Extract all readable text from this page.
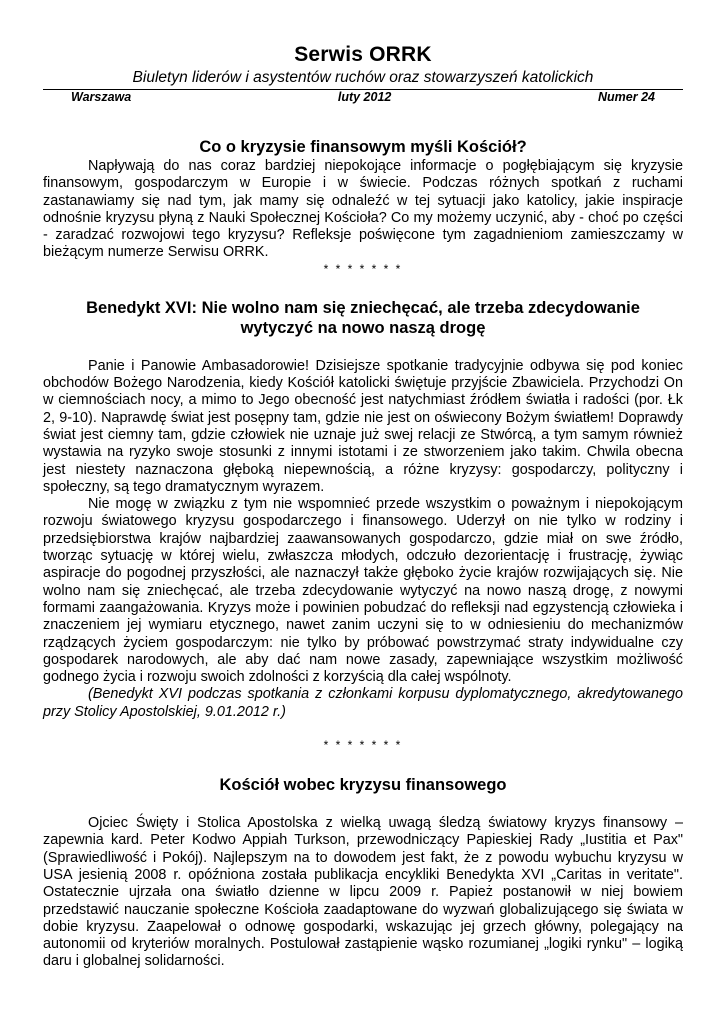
Serwis ORRK
Biuletyn liderów i asystentów ruchów oraz stowarzyszeń katolickich
Warszawa	luty 2012	Numer 24
Co o kryzysie finansowym myśli Kościół?

Napływają do nas coraz bardziej niepokojące informacje o pogłębiającym się kryzysie finansowym, gospodarczym w Europie i w świecie. Podczas różnych spotkań z ruchami zastanawiamy się nad tym, jak mamy się odnaleźć w tej sytuacji jako katolicy, jakie inspiracje odnośnie kryzysu płyną z Nauki Społecznej Kościoła? Co my możemy uczynić, aby - choć po części - zaradzać rozwojowi tego kryzysu? Refleksje poświęcone tym zagadnieniom zamieszczamy w bieżącym numerze Serwisu ORRK.

* * * * * * *
Benedykt XVI: Nie wolno nam się zniechęcać, ale trzeba zdecydowanie wytyczyć na nowo naszą drogę

Panie i Panowie Ambasadorowie! Dzisiejsze spotkanie tradycyjnie odbywa się pod koniec obchodów Bożego Narodzenia, kiedy Kościół katolicki świętuje przyjście Zbawiciela. Przychodzi On w ciemnościach nocy, a mimo to Jego obecność jest natychmiast źródłem światła i radości (por. Łk 2, 9-10). Naprawdę świat jest posępny tam, gdzie nie jest on oświecony Bożym światłem! Doprawdy świat jest ciemny tam, gdzie człowiek nie uznaje już swej relacji ze Stwórcą, a tym samym również wystawia na ryzyko swoje stosunki z innymi istotami i ze stworzeniem jako takim. Chwila obecna jest niestety naznaczona głęboką niepewnością, a różne kryzysy: gospodarczy, polityczny i społeczny, są tego dramatycznym wyrazem.

Nie mogę w związku z tym nie wspomnieć przede wszystkim o poważnym i niepokojącym rozwoju światowego kryzysu gospodarczego i finansowego. Uderzył on nie tylko w rodziny i przedsiębiorstwa krajów najbardziej zaawansowanych gospodarczo, gdzie miał on swe źródło, tworząc sytuację w której wielu, zwłaszcza młodych, odczuło dezorientację i frustrację, żywiąc aspiracje do pogodnej przyszłości, ale naznaczył także głęboko życie krajów rozwijających się. Nie wolno nam się zniechęcać, ale trzeba zdecydowanie wytyczyć na nowo naszą drogę, z nowymi formami zaangażowania. Kryzys może i powinien pobudzać do refleksji nad egzystencją człowieka i znaczeniem jej wymiaru etycznego, nawet zanim uczyni się to w odniesieniu do mechanizmów rządzących życiem gospodarczym: nie tylko by próbować powstrzymać straty indywidualne czy gospodarek narodowych, ale aby dać nam nowe zasady, zapewniające wszystkim możliwość godnego życia i rozwoju swoich zdolności z korzyścią dla całej wspólnoty.

(Benedykt XVI podczas spotkania z członkami korpusu dyplomatycznego, akredytowanego przy Stolicy Apostolskiej, 9.01.2012 r.)

* * * * * * *
Kościół wobec kryzysu finansowego

Ojciec Święty i Stolica Apostolska z wielką uwagą śledzą światowy kryzys finansowy – zapewnia kard. Peter Kodwo Appiah Turkson, przewodniczący Papieskiej Rady „Iustitia et Pax" (Sprawiedliwość i Pokój). Najlepszym na to dowodem jest fakt, że z powodu wybuchu kryzysu w USA jesienią 2008 r. opóźniona została publikacja encykliki Benedykta XVI „Caritas in veritate". Ostatecznie ujrzała ona światło dzienne w lipcu 2009 r. Papież postanowił w niej bowiem przedstawić nauczanie społeczne Kościoła zaadaptowane do wyzwań globalizującego się świata w dobie kryzysu. Zaapelował o odnowę gospodarki, wskazując jej grzech główny, polegający na autonomii od kryteriów moralnych. Postulował zastąpienie wąsko rozumianej „logiki rynku" – logiką daru i globalnej solidarności.
